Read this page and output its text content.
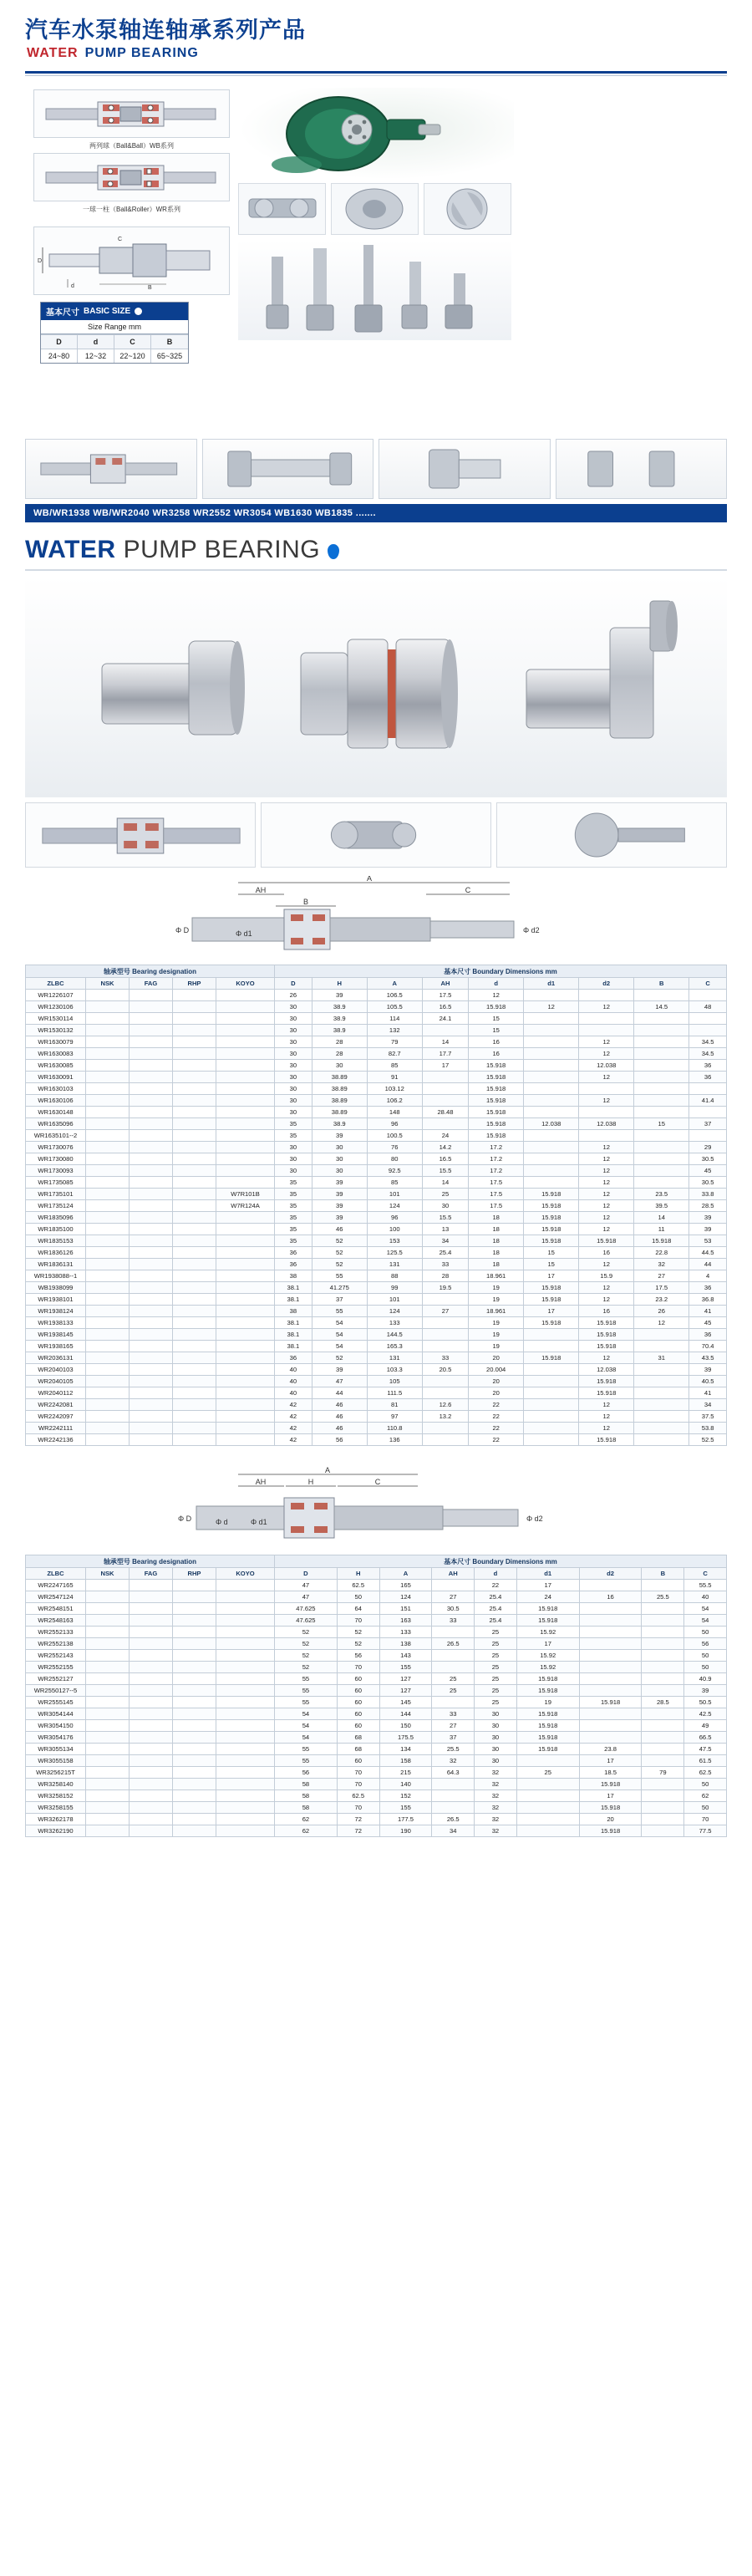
汽车水泵轴连轴承系列产品
WATER PUMP BEARING
两列球（Ball&Ball）WB系列
一球一柱（Ball&Roller）WR系列
D
d
C
B
基本尺寸 BASIC SIZE
Size Range mm
D	d	C	B
24~80	12~32	22~120	65~325
WB/WR1938 WB/WR2040 WR3258 WR2552 WR3054 WB1630 WB1835 .......
WATER PUMP BEARING
A
AH	C
B
Φ D	Φ d1	Φ d2
轴承型号 Bearing designation					基本尺寸 Boundary Dimensions mm								
ZLBC	NSK	FAG	RHP	KOYO	D	H	A	AH	d	d1	d2	B	C
WR1226107					26	39	106.5	17.5	12				
WR1230106					30	38.9	105.5	16.5	15.918	12	12	14.5	48
WR1530114					30	38.9	114	24.1	15				
WR1530132					30	38.9	132		15				
WR1630079					30	28	79	14	16		12		34.5
WR1630083					30	28	82.7	17.7	16		12		34.5
WR1630085					30	30	85	17	15.918		12.038		36
WR1630091					30	38.89	91		15.918		12		36
WR1630103					30	38.89	103.12		15.918				
WR1630106					30	38.89	106.2		15.918		12		41.4
WR1630148					30	38.89	148	28.48	15.918				
WR1635096					35	38.9	96		15.918	12.038	12.038	15	37
WR1635101--2					35	39	100.5	24	15.918				
WR1730076					30	30	76	14.2	17.2		12		29
WR1730080					30	30	80	16.5	17.2		12		30.5
WR1730093					30	30	92.5	15.5	17.2		12		45
WR1735085					35	39	85	14	17.5		12		30.5
WR1735101				W7R101B	35	39	101	25	17.5	15.918	12	23.5	33.8
WR1735124				W7R124A	35	39	124	30	17.5	15.918	12	39.5	28.5
WR1835096					35	39	96	15.5	18	15.918	12	14	39
WR1835100					35	46	100	13	18	15.918	12	11	39
WR1835153					35	52	153	34	18	15.918	15.918	15.918	53
WR1836126					36	52	125.5	25.4	18	15	16	22.8	44.5
WR1836131					36	52	131	33	18	15	12	32	44
WR1938088--1					38	55	88	28	18.961	17	15.9	27	4
WB1938099					38.1	41.275	99	19.5	19	15.918	12	17.5	36
WR1938101					38.1	37	101		19	15.918	12	23.2	36.8
WR1938124					38	55	124	27	18.961	17	16	26	41
WR1938133					38.1	54	133		19	15.918	15.918	12	45
WR1938145					38.1	54	144.5		19		15.918		36
WR1938165					38.1	54	165.3		19		15.918		70.4
WR2036131					36	52	131	33	20	15.918	12	31	43.5
WR2040103					40	39	103.3	20.5	20.004		12.038		39
WR2040105					40	47	105		20		15.918		40.5
WR2040112					40	44	111.5		20		15.918		41
WR2242081					42	46	81	12.6	22		12		34
WR2242097					42	46	97	13.2	22		12		37.5
WR2242111					42	46	110.8		22		12		53.8
WR2242136					42	56	136		22		15.918		52.5
A
AH	H	C
Φ D	Φ d	Φ d1	Φ d2
轴承型号 Bearing designation					基本尺寸 Boundary Dimensions mm								
ZLBC	NSK	FAG	RHP	KOYO	D	H	A	AH	d	d1	d2	B	C
WR2247165					47	62.5	165		22	17			55.5
WR2547124					47	50	124	27	25.4	24	16	25.5	40
WR2548151					47.625	64	151	30.5	25.4	15.918			54
WR2548163					47.625	70	163	33	25.4	15.918			54
WR2552133					52	52	133		25	15.92			50
WR2552138					52	52	138	26.5	25	17			56
WR2552143					52	56	143		25	15.92			50
WR2552155					52	70	155		25	15.92			50
WR2552127					55	60	127	25	25	15.918			40.9
WR2550127--5					55	60	127	25	25	15.918			39
WR2555145					55	60	145		25	19	15.918	28.5	50.5
WR3054144					54	60	144	33	30	15.918			42.5
WR3054150					54	60	150	27	30	15.918			49
WR3054176					54	68	175.5	37	30	15.918			66.5
WR3055134					55	68	134	25.5	30	15.918	23.8		47.5
WR3055158					55	60	158	32	30		17		61.5
WR3256215T					56	70	215	64.3	32	25	18.5	79	62.5
WR3258140					58	70	140		32		15.918		50
WR3258152					58	62.5	152		32		17		62
WR3258155					58	70	155		32		15.918		50
WR3262178					62	72	177.5	26.5	32		20		70
WR3262190					62	72	190	34	32		15.918		77.5
